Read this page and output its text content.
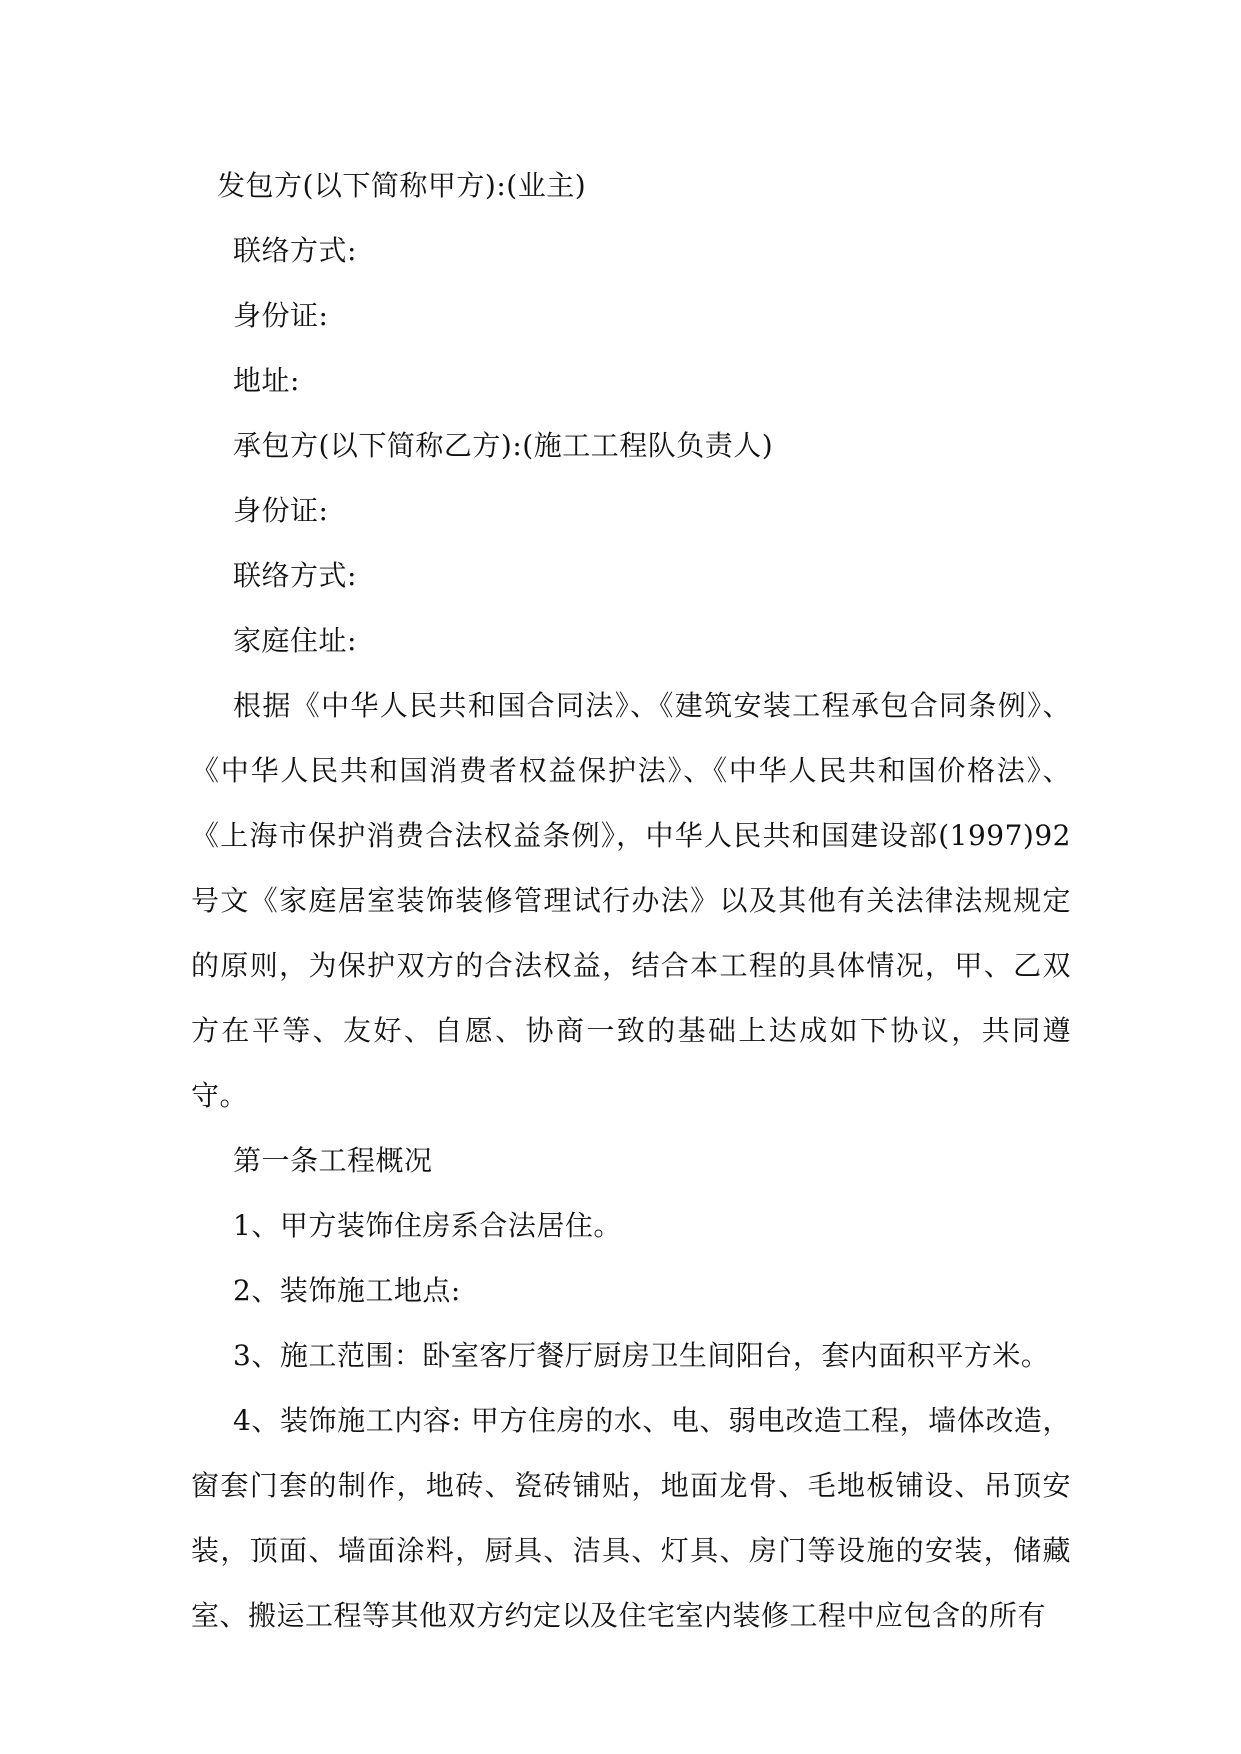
发包方(以下简称甲方):(业主)

联络方式:

身份证:

地址:

承包方(以下简称乙方):(施工工程队负责人)

身份证:

联络方式:

家庭住址:

根据《中华人民共和国合同法》、《建筑安装工程承包合同条例》、《中华人民共和国消费者权益保护法》、《中华人民共和国价格法》、《上海市保护消费合法权益条例》，中华人民共和国建设部(1997)92号文《家庭居室装饰装修管理试行办法》以及其他有关法律法规规定的原则，为保护双方的合法权益，结合本工程的具体情况，甲、乙双方在平等、友好、自愿、协商一致的基础上达成如下协议，共同遵守。

第一条工程概况

1、甲方装饰住房系合法居住。

2、装饰施工地点:

3、施工范围：卧室客厅餐厅厨房卫生间阳台，套内面积平方米。

4、装饰施工内容: 甲方住房的水、电、弱电改造工程，墙体改造，窗套门套的制作，地砖、瓷砖铺贴，地面龙骨、毛地板铺设、吊顶安装，顶面、墙面涂料，厨具、洁具、灯具、房门等设施的安装，储藏室、搬运工程等其他双方约定以及住宅室内装修工程中应包含的所有
